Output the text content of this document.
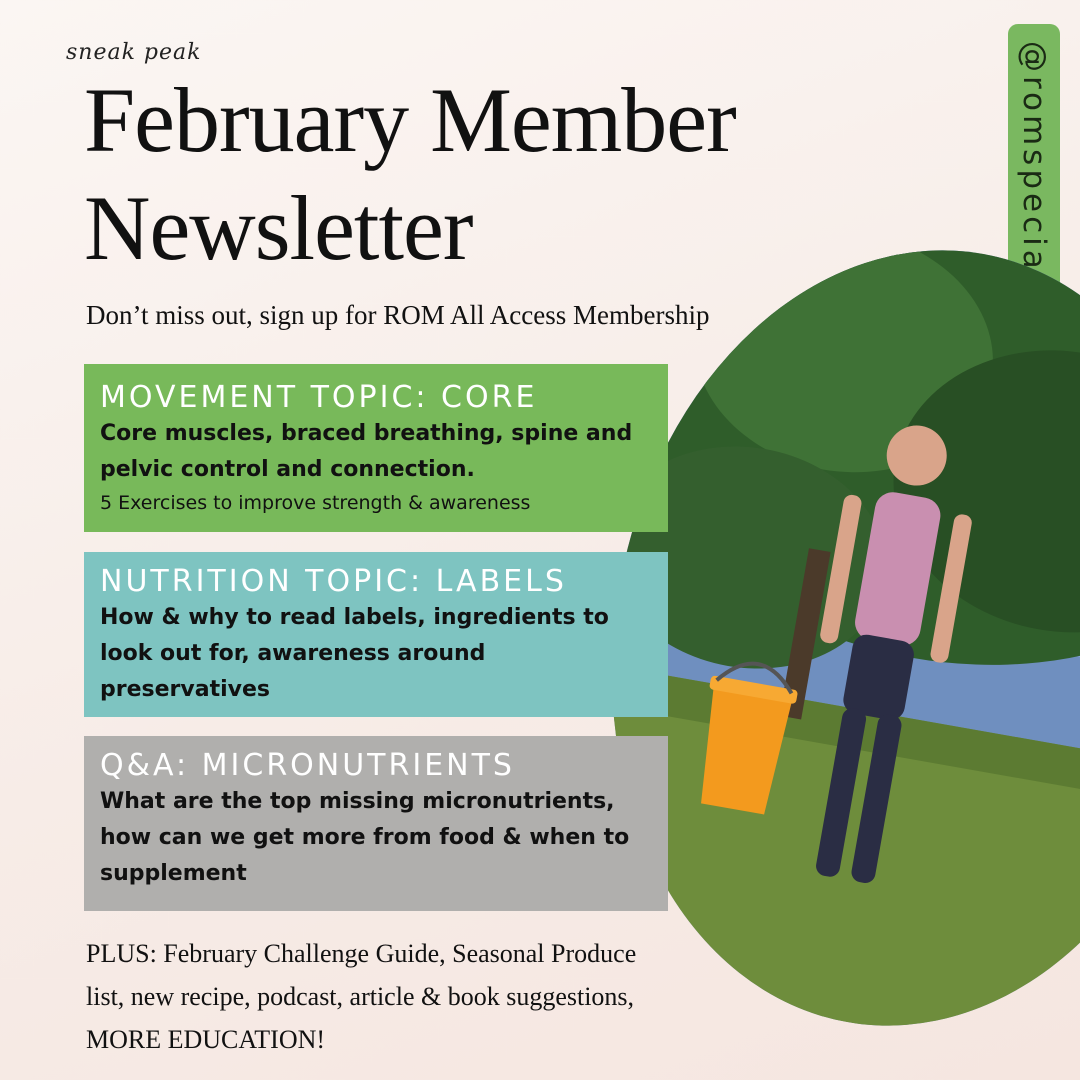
sneak peak
February Member
Newsletter
Don’t miss out, sign up for ROM All Access Membership
MOVEMENT TOPIC: CORE
Core muscles, braced breathing, spine and pelvic control and connection.
5 Exercises to improve strength & awareness
NUTRITION TOPIC: LABELS
How & why to read labels, ingredients to look out for, awareness around preservatives
Q&A: MICRONUTRIENTS
What are the top missing micronutrients, how can we get more from food & when to supplement

PLUS: February Challenge Guide, Seasonal Produce list, new recipe, podcast, article & book suggestions, MORE EDUCATION!
